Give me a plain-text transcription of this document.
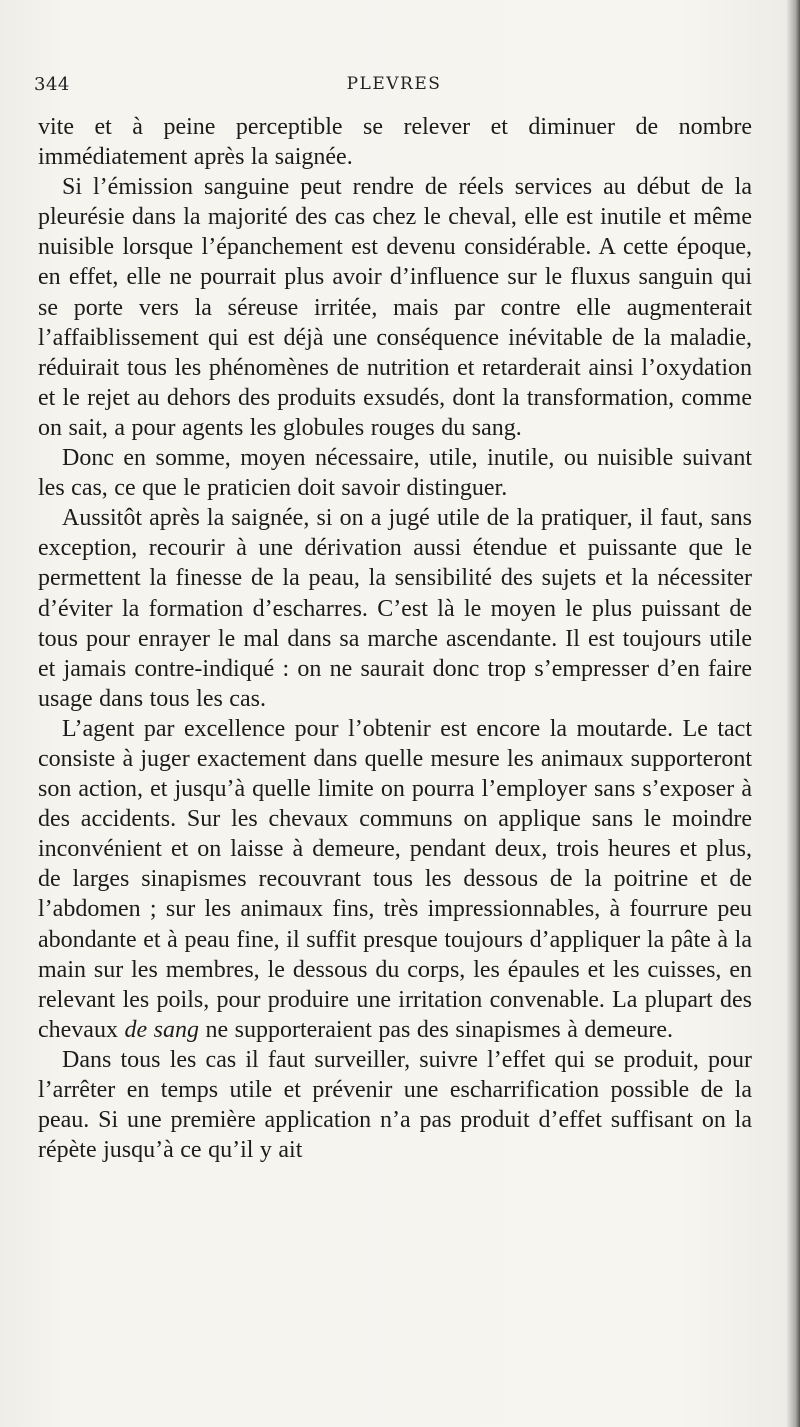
344	PLEVRES

vite et à peine perceptible se relever et diminuer de nombre immédiatement après la saignée.

Si l’émission sanguine peut rendre de réels services au début de la pleurésie dans la majorité des cas chez le cheval, elle est inutile et même nuisible lorsque l’épanchement est devenu considérable. A cette époque, en effet, elle ne pourrait plus avoir d’influence sur le fluxus sanguin qui se porte vers la séreuse irritée, mais par contre elle augmenterait l’affaiblissement qui est déjà une conséquence inévitable de la maladie, réduirait tous les phénomènes de nutrition et retarderait ainsi l’oxydation et le rejet au dehors des produits exsudés, dont la transformation, comme on sait, a pour agents les globules rouges du sang.

Donc en somme, moyen nécessaire, utile, inutile, ou nuisible suivant les cas, ce que le praticien doit savoir distinguer.

Aussitôt après la saignée, si on a jugé utile de la pratiquer, il faut, sans exception, recourir à une dérivation aussi étendue et puissante que le permettent la finesse de la peau, la sensibilité des sujets et la nécessiter d’éviter la formation d’escharres. C’est là le moyen le plus puissant de tous pour enrayer le mal dans sa marche ascendante. Il est toujours utile et jamais contre-indiqué : on ne saurait donc trop s’empresser d’en faire usage dans tous les cas.

L’agent par excellence pour l’obtenir est encore la moutarde. Le tact consiste à juger exactement dans quelle mesure les animaux supporteront son action, et jusqu’à quelle limite on pourra l’employer sans s’exposer à des accidents. Sur les chevaux communs on applique sans le moindre inconvénient et on laisse à demeure, pendant deux, trois heures et plus, de larges sinapismes recouvrant tous les dessous de la poitrine et de l’abdomen ; sur les animaux fins, très impressionnables, à fourrure peu abondante et à peau fine, il suffit presque toujours d’appliquer la pâte à la main sur les membres, le dessous du corps, les épaules et les cuisses, en relevant les poils, pour produire une irritation convenable. La plupart des chevaux de sang ne supporteraient pas des sinapismes à demeure.

Dans tous les cas il faut surveiller, suivre l’effet qui se produit, pour l’arrêter en temps utile et prévenir une escharrification possible de la peau. Si une première application n’a pas produit d’effet suffisant on la répète jusqu’à ce qu’il y ait
